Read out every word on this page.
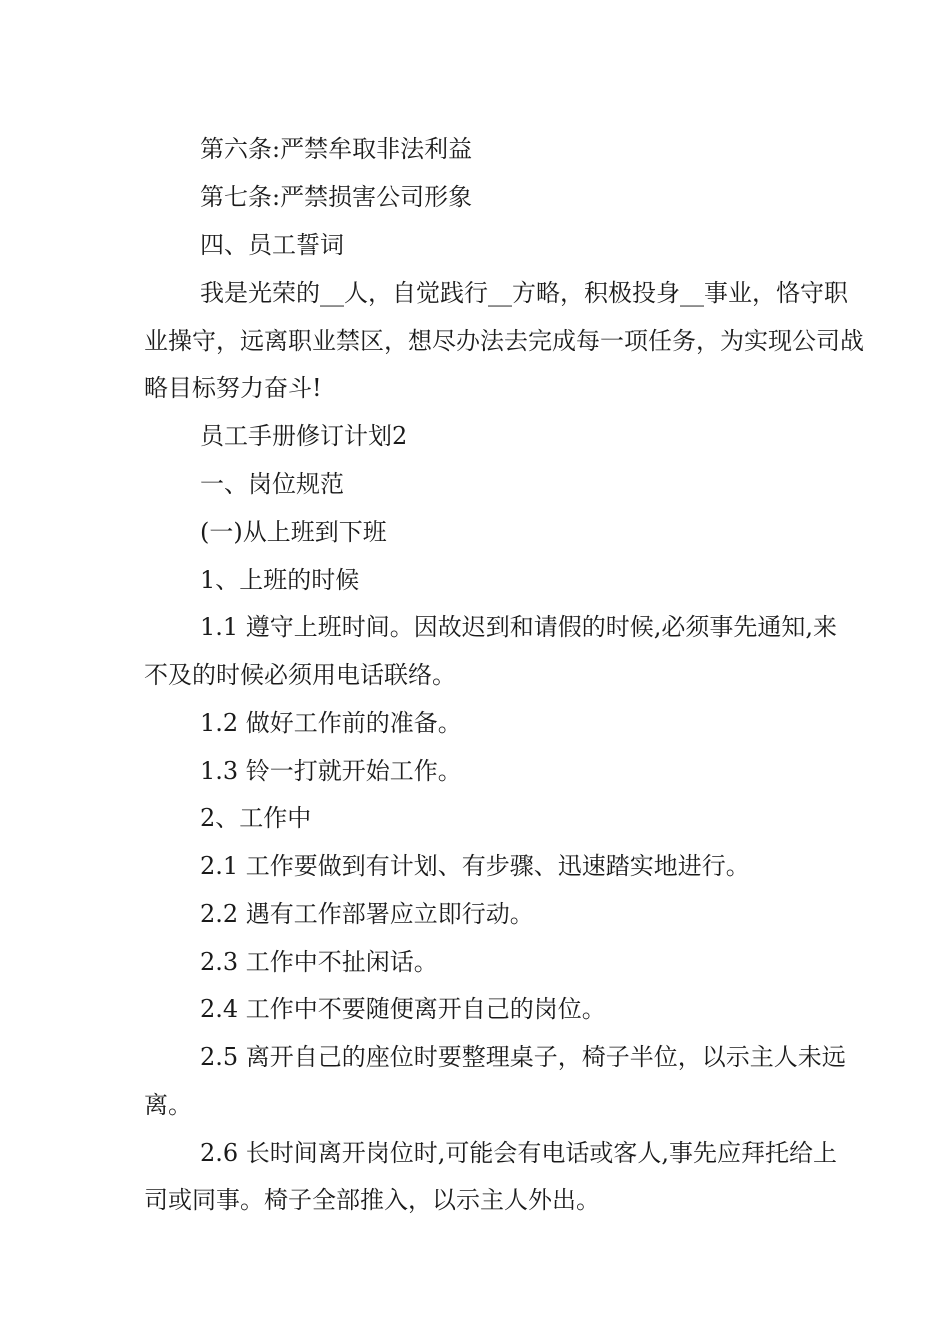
第六条:严禁牟取非法利益
第七条:严禁损害公司形象
四、员工誓词
我是光荣的__人，自觉践行__方略，积极投身__事业，恪守职
业操守，远离职业禁区，想尽办法去完成每一项任务，为实现公司战
略目标努力奋斗!
员工手册修订计划2
一、岗位规范
(一)从上班到下班
1、上班的时候
1.1 遵守上班时间。因故迟到和请假的时候,必须事先通知,来
不及的时候必须用电话联络。
1.2 做好工作前的准备。
1.3 铃一打就开始工作。
2、工作中
2.1 工作要做到有计划、有步骤、迅速踏实地进行。
2.2 遇有工作部署应立即行动。
2.3 工作中不扯闲话。
2.4 工作中不要随便离开自己的岗位。
2.5 离开自己的座位时要整理桌子，椅子半位，以示主人未远
离。
2.6 长时间离开岗位时,可能会有电话或客人,事先应拜托给上
司或同事。椅子全部推入，以示主人外出。
